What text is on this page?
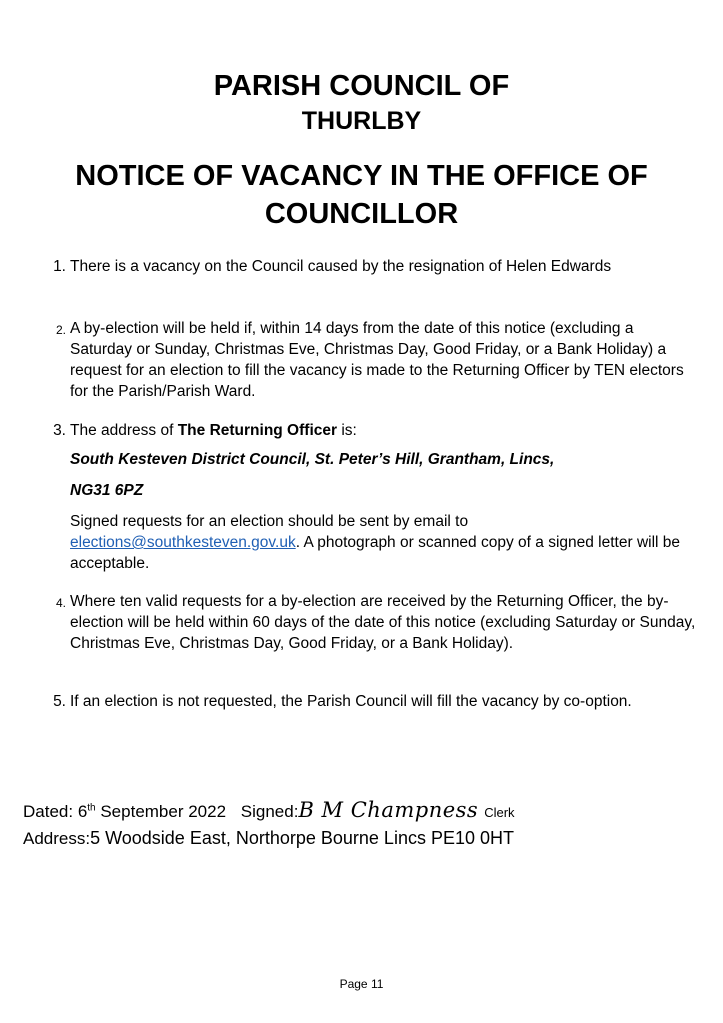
PARISH COUNCIL OF
THURLBY
NOTICE OF VACANCY IN THE OFFICE OF
COUNCILLOR
1. There is a vacancy on the Council caused by the resignation of Helen Edwards
2. A by-election will be held if, within 14 days from the date of this notice (excluding a Saturday or Sunday, Christmas Eve, Christmas Day, Good Friday, or a Bank Holiday) a request for an election to fill the vacancy is made to the Returning Officer by TEN electors for the Parish/Parish Ward.
3. The address of The Returning Officer is:
South Kesteven District Council, St. Peter’s Hill, Grantham, Lincs,
NG31 6PZ
Signed requests for an election should be sent by email to elections@southkesteven.gov.uk. A photograph or scanned copy of a signed letter will be acceptable.
4. Where ten valid requests for a by-election are received by the Returning Officer, the by-election will be held within 60 days of the date of this notice (excluding Saturday or Sunday, Christmas Eve, Christmas Day, Good Friday, or a Bank Holiday).
5. If an election is not requested, the Parish Council will fill the vacancy by co-option.
Dated: 6th September 2022 Signed:B M Champness Clerk
Address:5 Woodside East, Northorpe Bourne Lincs PE10 0HT
Page 11
